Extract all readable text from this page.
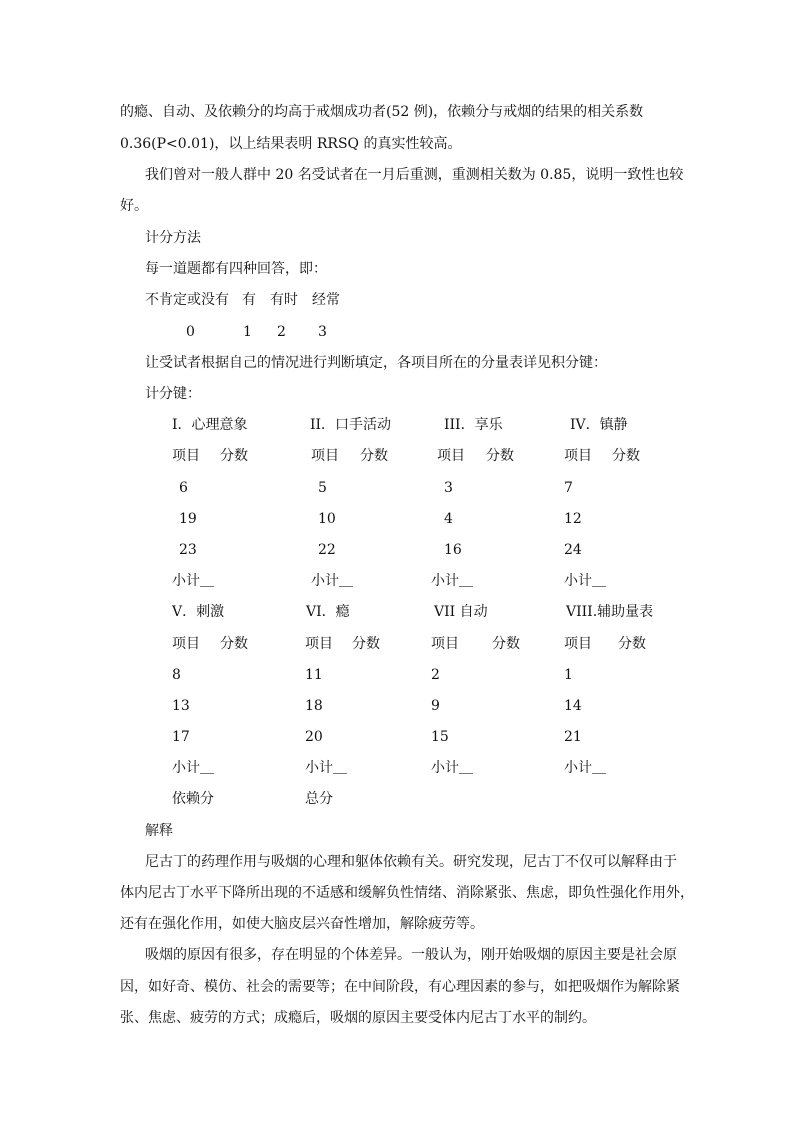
的瘾、自动、及依赖分的均高于戒烟成功者(52 例)，依赖分与戒烟的结果的相关系数
0.36(P<0.01)，以上结果表明 RRSQ 的真实性较高。
我们曾对一般人群中 20 名受试者在一月后重测，重测相关数为 0.85，说明一致性也较
好。
计分方法
每一道题都有四种回答，即：
不肯定或没有 有 有时 经常
0	1 2 3
让受试者根据自己的情况进行判断填定，各项目所在的分量表详见积分键：
计分键：
I．心理意象	II．口手活动	III．享乐	IV．镇静
项目 分数	项目 分数	项目 分数	项目 分数
6	5	3	7
19	10	4	12
23	22	16	24
小计＿	小计＿	小计＿	小计＿
V．刺激	VI．瘾	VII 自动	VIII.辅助量表
项目 分数	项目 分数	项目 分数	项目 分数
8	11	2	1
13	18	9	14
17	20	15	21
小计＿	小计＿	小计＿	小计＿
依赖分	总分
解释
尼古丁的药理作用与吸烟的心理和躯体依赖有关。研究发现，尼古丁不仅可以解释由于
体内尼古丁水平下降所出现的不适感和缓解负性情绪、消除紧张、焦虑，即负性强化作用外，
还有在强化作用，如使大脑皮层兴奋性增加，解除疲劳等。
吸烟的原因有很多，存在明显的个体差异。一般认为，刚开始吸烟的原因主要是社会原
因，如好奇、模仿、社会的需要等；在中间阶段，有心理因素的参与，如把吸烟作为解除紧
张、焦虑、疲劳的方式；成瘾后，吸烟的原因主要受体内尼古丁水平的制约。
